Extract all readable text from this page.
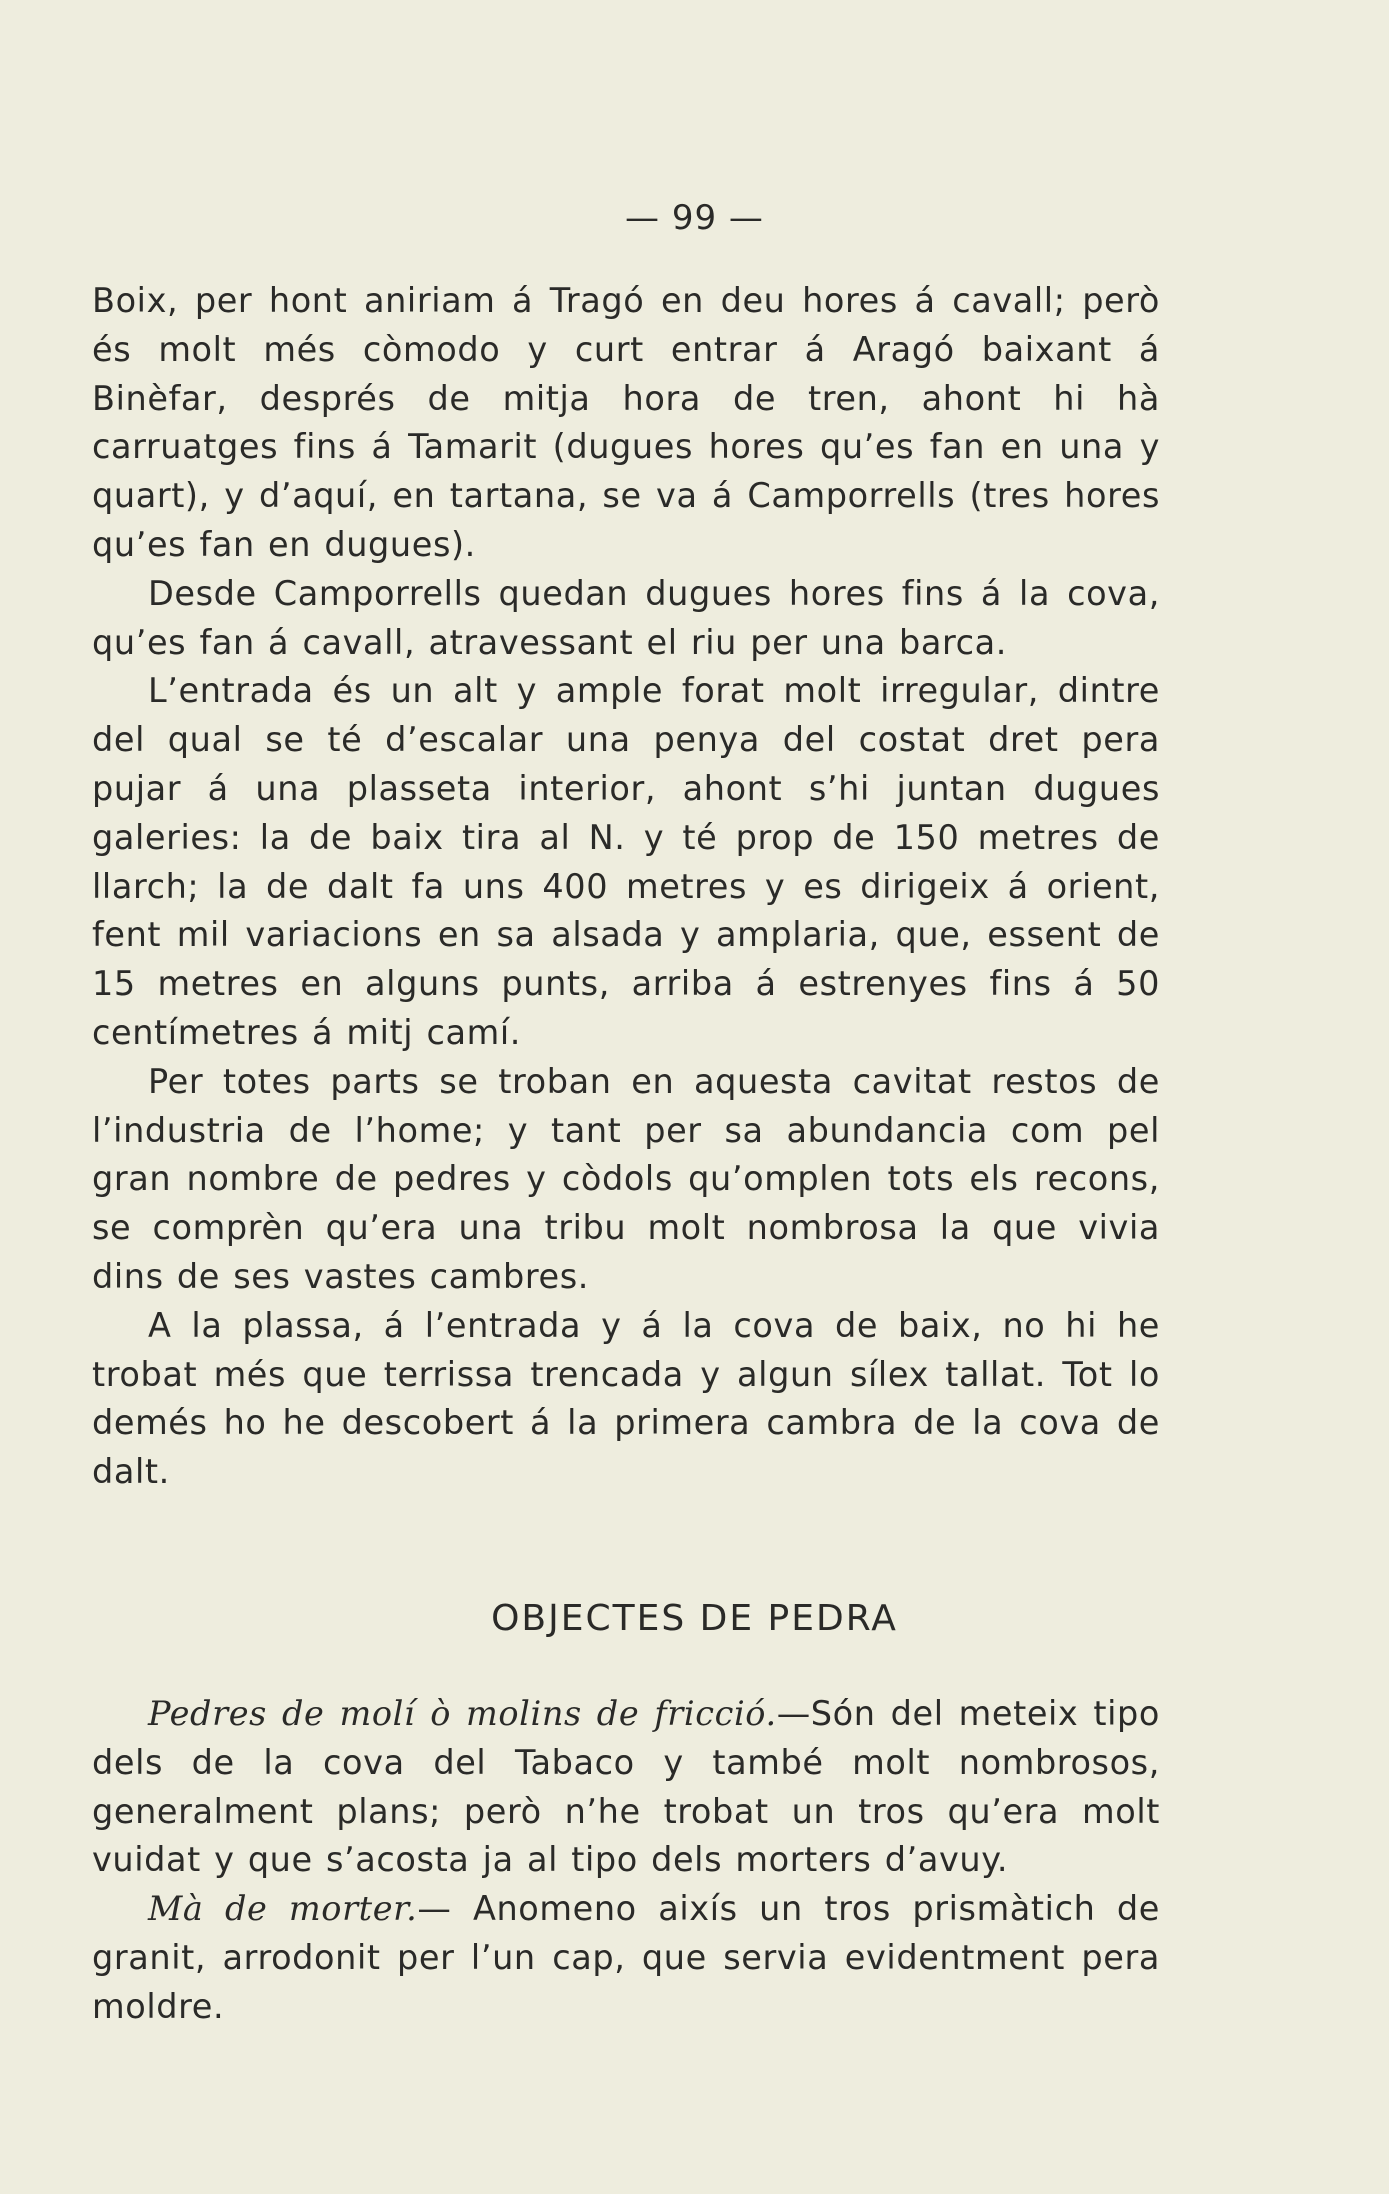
— 99 —

Boix, per hont aniriam á Tragó en deu hores á cavall; però és molt més còmodo y curt entrar á Aragó baixant á Binèfar, després de mitja hora de tren, ahont hi hà carruatges fins á Tamarit (dugues hores qu’es fan en una y quart), y d’aquí, en tartana, se va á Camporrells (tres hores qu’es fan en dugues).

Desde Camporrells quedan dugues hores fins á la cova, qu’es fan á cavall, atravessant el riu per una barca.

L’entrada és un alt y ample forat molt irregular, dintre del qual se té d’escalar una penya del costat dret pera pujar á una plasseta interior, ahont s’hi juntan dugues galeries: la de baix tira al N. y té prop de 150 metres de llarch; la de dalt fa uns 400 metres y es dirigeix á orient, fent mil variacions en sa alsada y amplaria, que, essent de 15 metres en alguns punts, arriba á estrenyes fins á 50 centímetres á mitj camí.

Per totes parts se troban en aquesta cavitat restos de l’industria de l’home; y tant per sa abundancia com pel gran nombre de pedres y còdols qu’omplen tots els recons, se comprèn qu’era una tribu molt nombrosa la que vivia dins de ses vastes cambres.

A la plassa, á l’entrada y á la cova de baix, no hi he trobat més que terrissa trencada y algun sílex tallat. Tot lo demés ho he descobert á la primera cambra de la cova de dalt.

OBJECTES DE PEDRA

Pedres de molí ò molins de fricció.—Són del meteix tipo dels de la cova del Tabaco y també molt nombrosos, generalment plans; però n’he trobat un tros qu’era molt vuidat y que s’acosta ja al tipo dels morters d’avuy.

Mà de morter.— Anomeno aixís un tros prismàtich de granit, arrodonit per l’un cap, que servia evidentment pera moldre.
